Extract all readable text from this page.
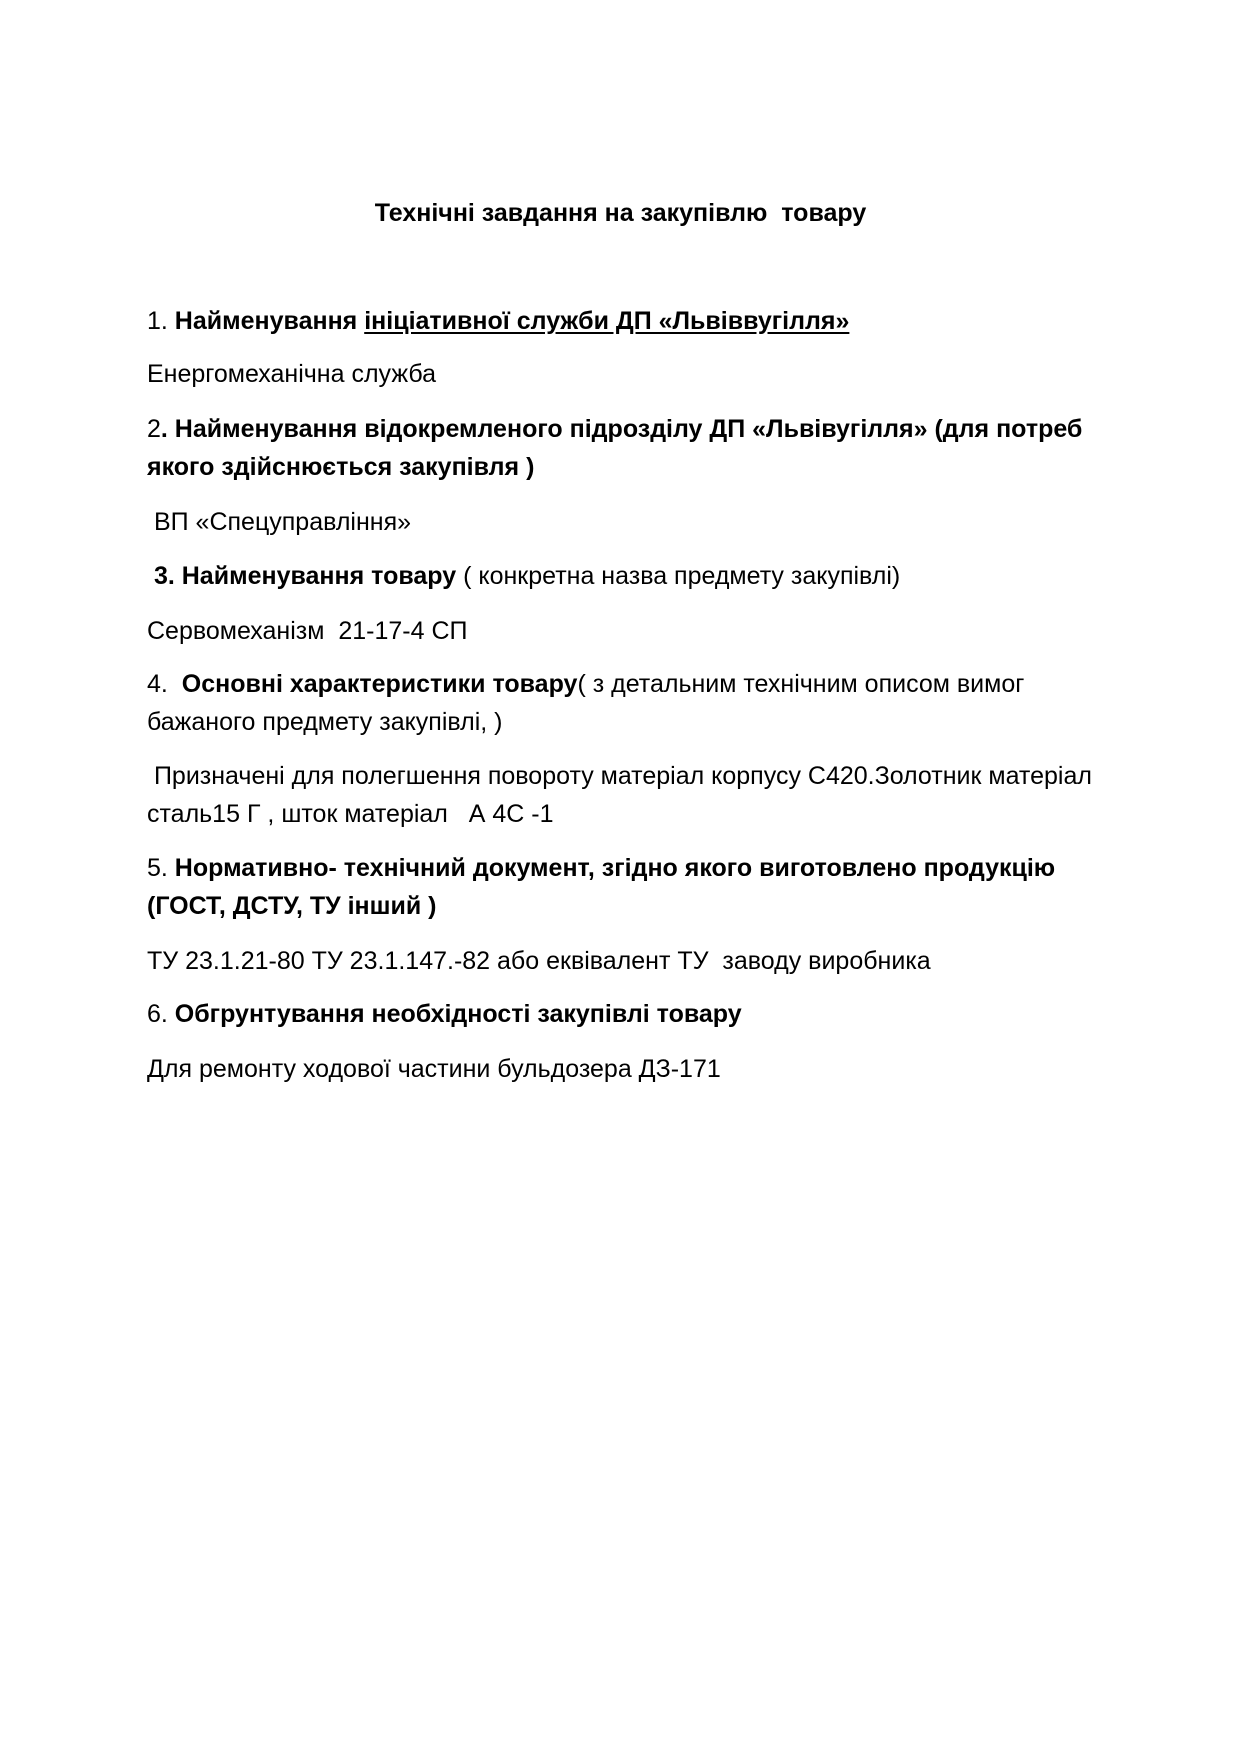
Технічні завдання на закупівлю  товару
1. Найменування ініціативної служби ДП «Львіввугілля»
Енергомеханічна служба
2. Найменування відокремленого підрозділу ДП «Львівугілля» (для потреб якого здійснюється закупівля )
ВП «Спецуправління»
3. Найменування товару ( конкретна назва предмету закупівлі)
Сервомеханізм  21-17-4 СП
4.  Основні характеристики товару( з детальним технічним описом вимог бажаного предмету закупівлі, )
Призначені для полегшення повороту матеріал корпусу С420.Золотник матеріал сталь15 Г , шток матеріал   А 4С -1
5. Нормативно- технічний документ, згідно якого виготовлено продукцію (ГОСТ, ДСТУ, ТУ інший )
ТУ 23.1.21-80 ТУ 23.1.147.-82 або еквівалент ТУ  заводу виробника
6. Обгрунтування необхідності закупівлі товару
Для ремонту ходової частини бульдозера ДЗ-171
